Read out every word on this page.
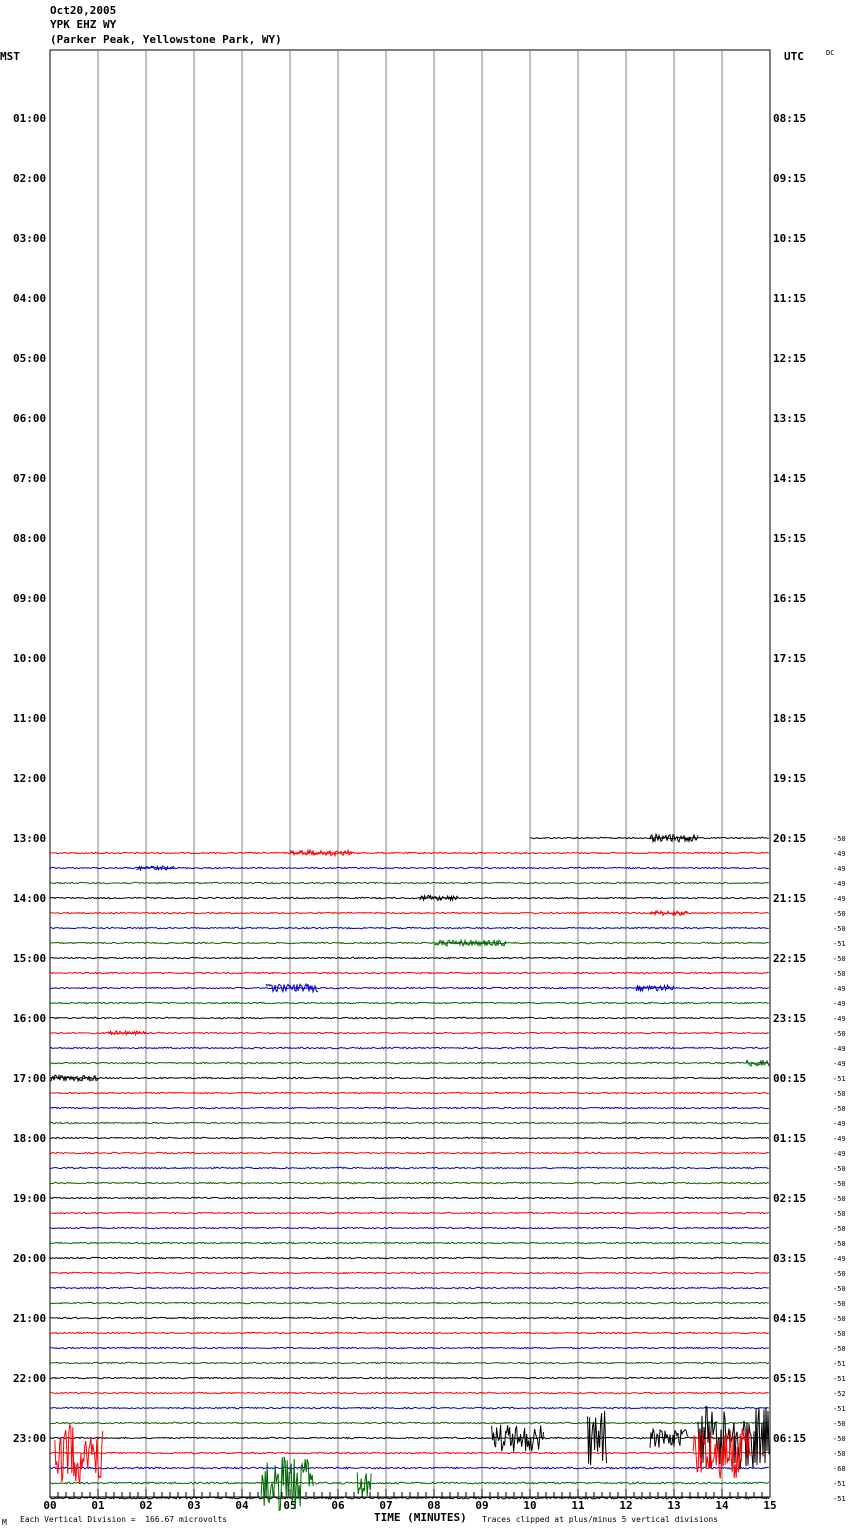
Oct20,2005
YPK EHZ WY
(Parker Peak, Yellowstone Park, WY)
MST	UTC	DC
01:00	08:15
02:00	09:15
03:00	10:15
04:00	11:15
05:00	12:15
06:00	13:15
07:00	14:15
08:00	15:15
09:00	16:15
10:00	17:15
11:00	18:15
12:00	19:15
13:00	20:15
14:00	21:15
15:00	22:15
16:00	23:15
17:00	00:15
18:00	01:15
19:00	02:15
20:00	03:15
21:00	04:15
22:00	05:15
23:00	06:15
00	01	02	03	04	05	06	07	08	09	10	11	12	13	14	15
-50
-49
-49
-49
-49
-50
-50
-51
-50
-50
-49
-49
-49
-50
-49
-49
-51
-50
-50
-49
-49
-49
-50
-50
-50
-50
-50
-50
-49
-50
-50
-50
-50
-50
-50
-51
-51
-52
-51
-50
-50
-50
-68
-51
-51
M Each Vertical Division =  166.67 microvolts	TIME (MINUTES) Traces clipped at plus/minus 5 vertical divisions
